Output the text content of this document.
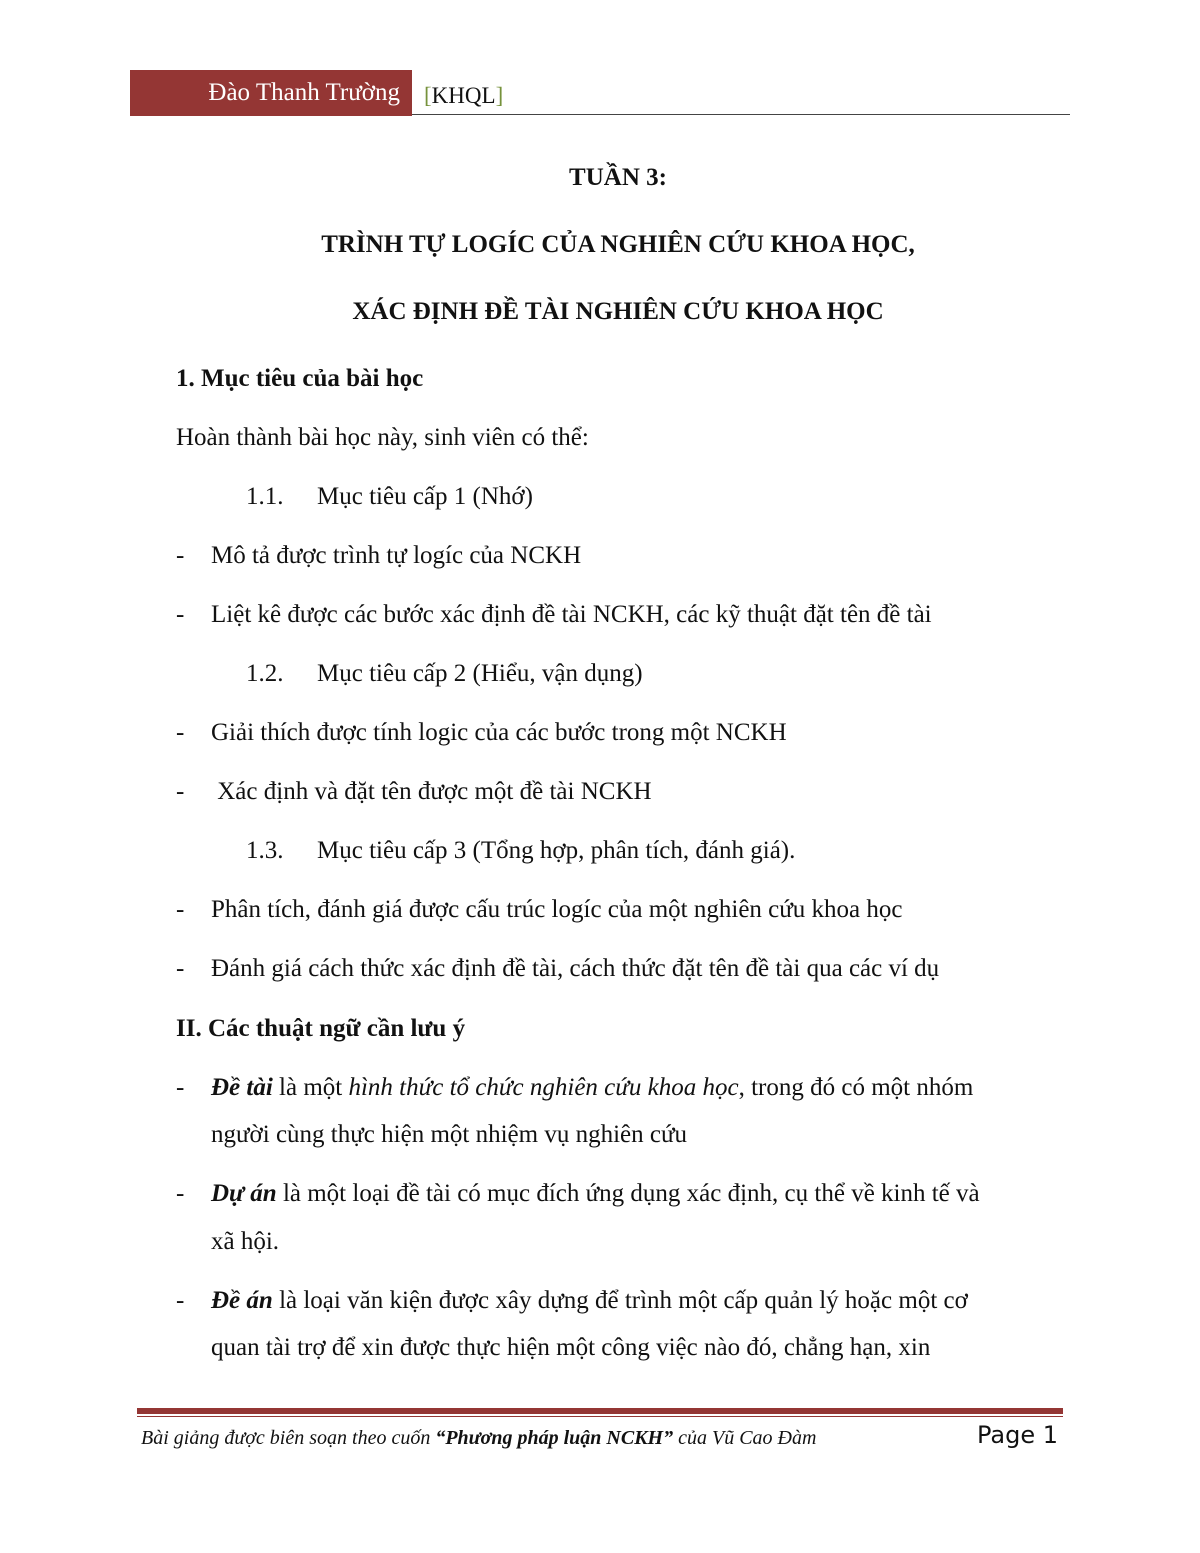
Đào Thanh Trường	[KHQL]
TUẦN 3:
TRÌNH TỰ LOGÍC CỦA NGHIÊN CỨU KHOA HỌC,
XÁC ĐỊNH ĐỀ TÀI NGHIÊN CỨU KHOA HỌC
1. Mục tiêu của bài học
Hoàn thành bài học này, sinh viên có thể:
1.1. Mục tiêu cấp 1 (Nhớ)
- Mô tả được trình tự logíc của NCKH
- Liệt kê được các bước xác định đề tài NCKH, các kỹ thuật đặt tên đề tài
1.2. Mục tiêu cấp 2 (Hiểu, vận dụng)
- Giải thích được tính logic của các bước trong một NCKH
- Xác định và đặt tên được một đề tài NCKH
1.3. Mục tiêu cấp 3 (Tổng hợp, phân tích, đánh giá).
- Phân tích, đánh giá được cấu trúc logíc của một nghiên cứu khoa học
- Đánh giá cách thức xác định đề tài, cách thức đặt tên đề tài qua các ví dụ
II. Các thuật ngữ cần lưu ý
- Đề tài là một hình thức tổ chức nghiên cứu khoa học, trong đó có một nhóm
người cùng thực hiện một nhiệm vụ nghiên cứu
- Dự án là một loại đề tài có mục đích ứng dụng xác định, cụ thể về kinh tế và
xã hội.
- Đề án là loại văn kiện được xây dựng để trình một cấp quản lý hoặc một cơ
quan tài trợ để xin được thực hiện một công việc nào đó, chẳng hạn, xin
Bài giảng được biên soạn theo cuốn “Phương pháp luận NCKH” của Vũ Cao Đàm	Page 1
